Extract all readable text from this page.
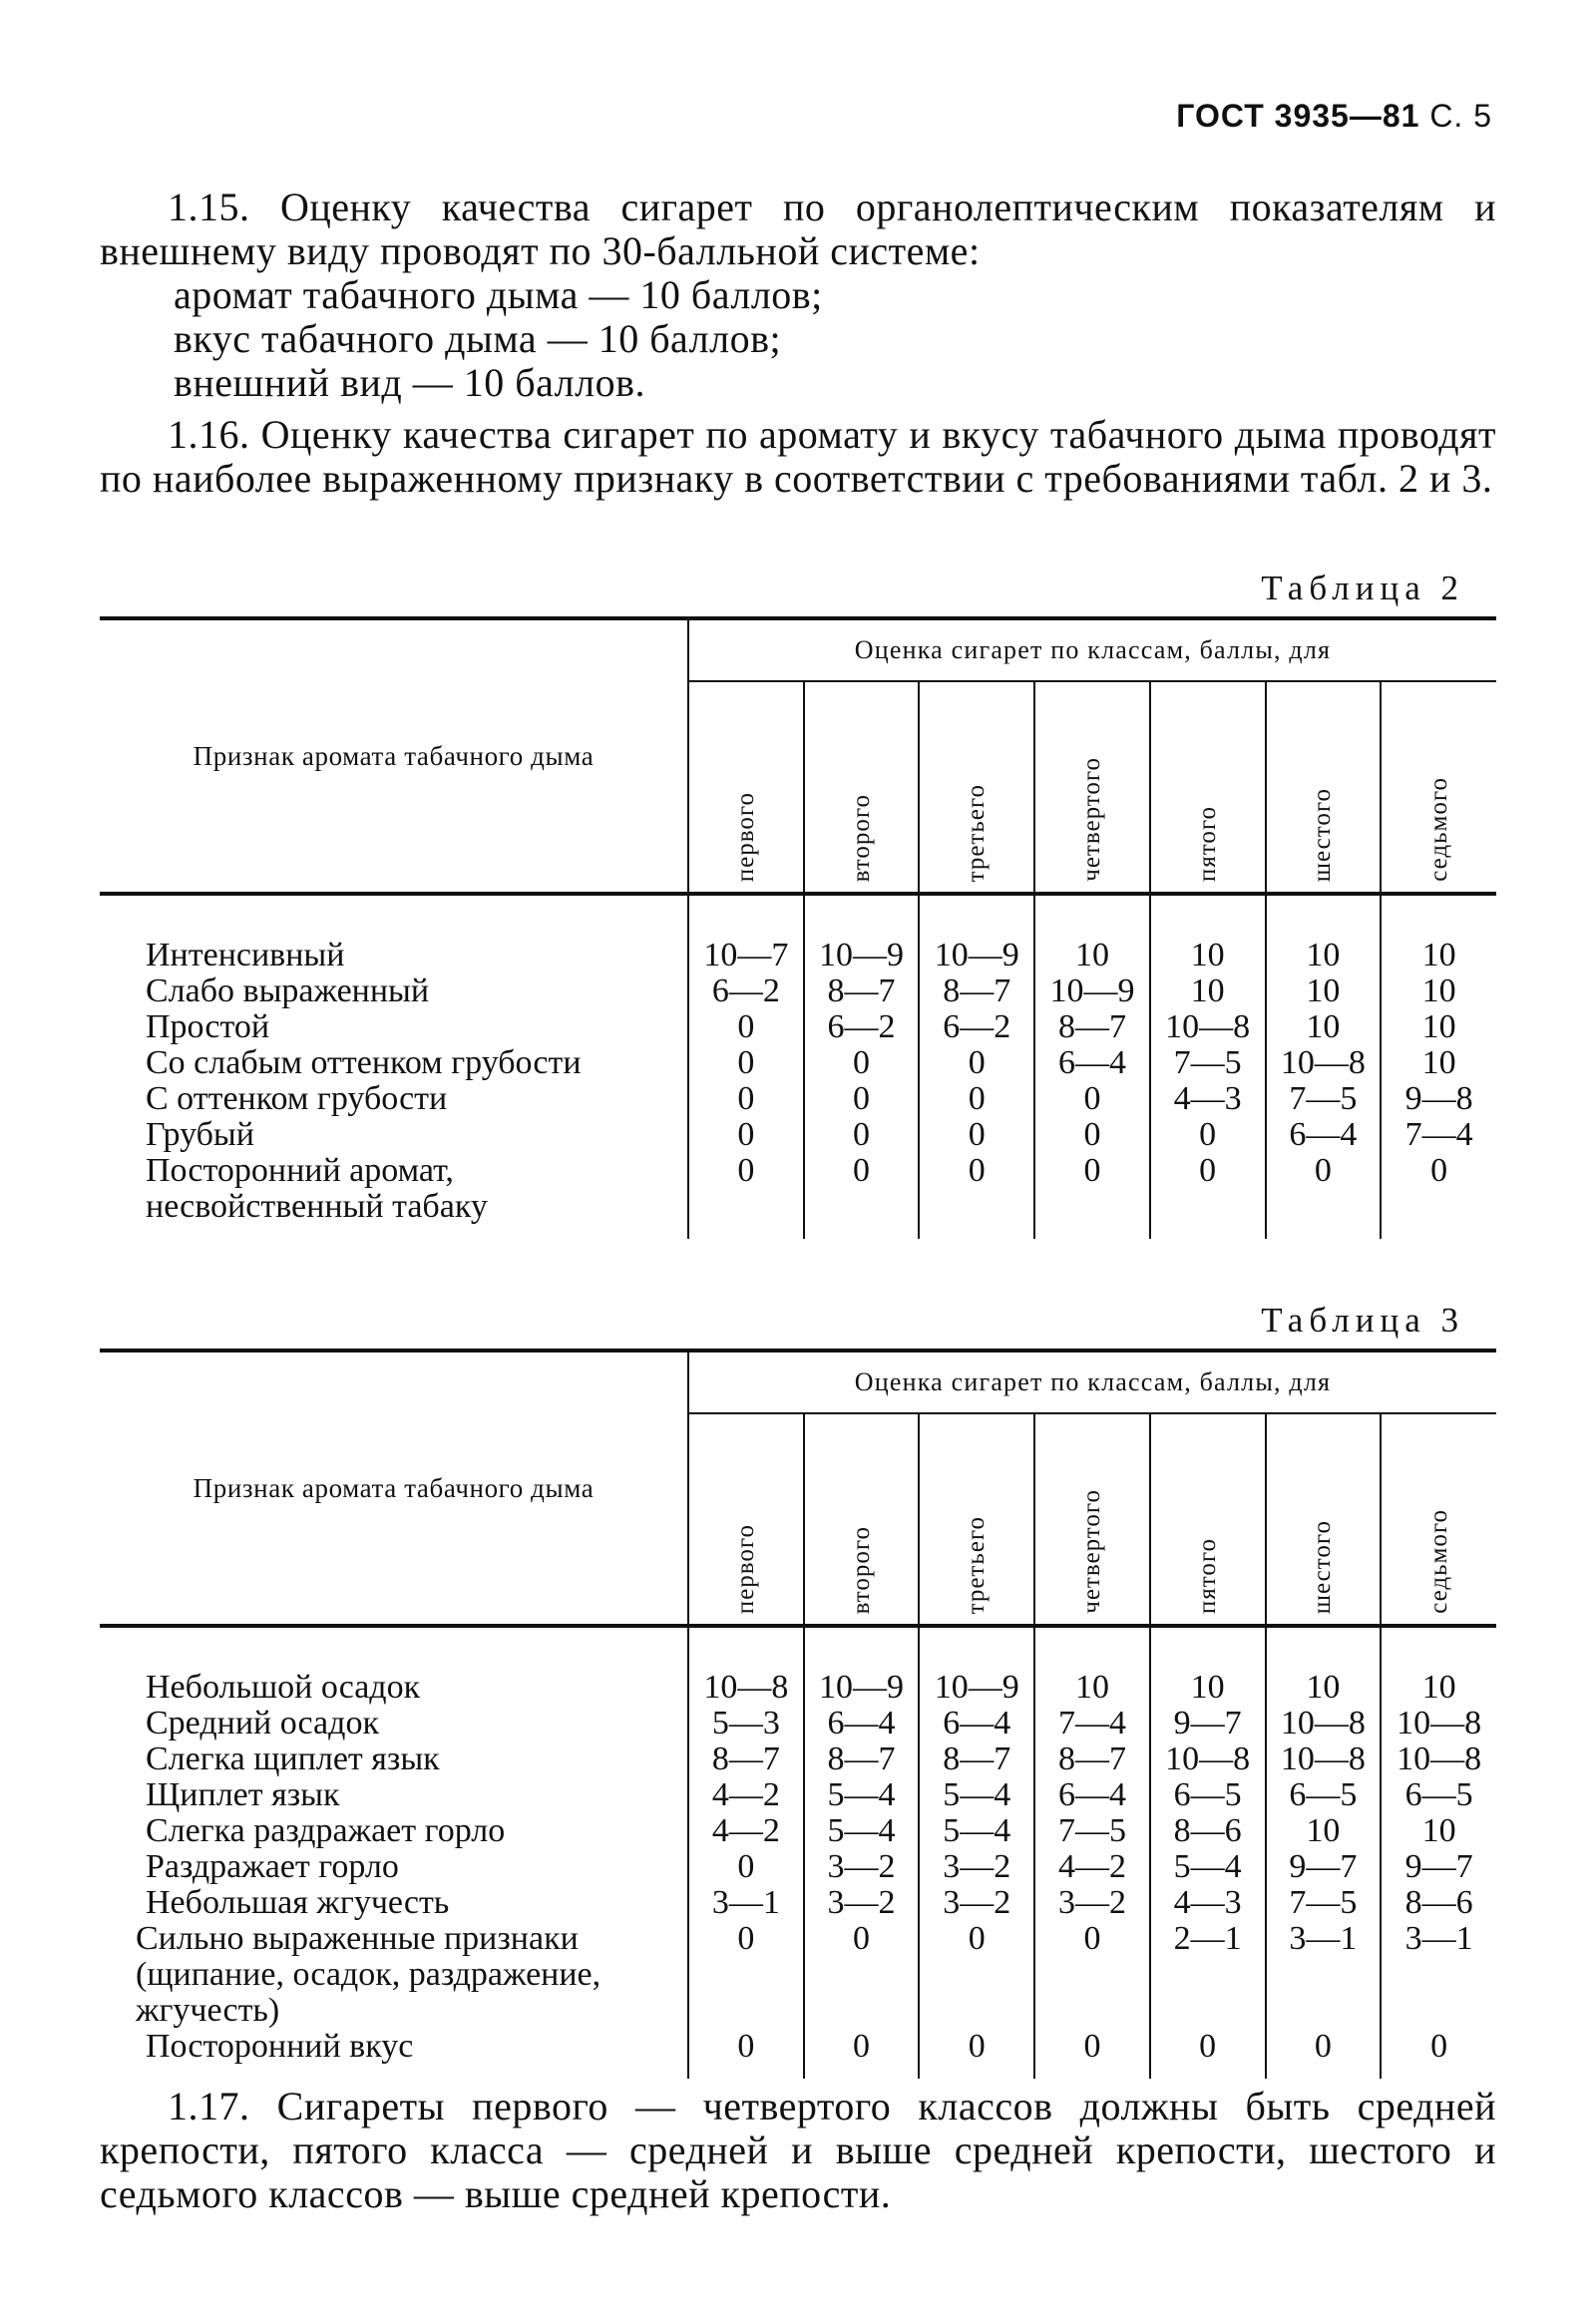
ГОСТ 3935—81 С. 5

1.15. Оценку качества сигарет по органолептическим показателям и внешнему виду проводят по 30-балльной системе:

аромат табачного дыма — 10 баллов;

вкус табачного дыма — 10 баллов;

внешний вид — 10 баллов.

1.16. Оценку качества сигарет по аромату и вкусу табачного дыма проводят по наиболее выраженному признаку в соответствии с требованиями табл. 2 и 3.

Таблица 2
Признак аромата табачного дыма	Оценка сигарет по классам, баллы, для						

	первого	второго	третьего	четвертого	пятого	шестого	седьмого

Интенсивный	10—7	10—9	10—9	10	10	10	10
Слабо выраженный	6—2	8—7	8—7	10—9	10	10	10
Простой	0	6—2	6—2	8—7	10—8	10	10
Со слабым оттенком грубости	0	0	0	6—4	7—5	10—8	10
С оттенком грубости	0	0	0	0	4—3	7—5	9—8
Грубый	0	0	0	0	0	6—4	7—4
Посторонний аромат, несвойственный табаку	0	0	0	0	0	0	0
Таблица 3
Признак аромата табачного дыма	Оценка сигарет по классам, баллы, для						

	первого	второго	третьего	четвертого	пятого	шестого	седьмого

Небольшой осадок	10—8	10—9	10—9	10	10	10	10
Средний осадок	5—3	6—4	6—4	7—4	9—7	10—8	10—8
Слегка щиплет язык	8—7	8—7	8—7	8—7	10—8	10—8	10—8
Щиплет язык	4—2	5—4	5—4	6—4	6—5	6—5	6—5
Слегка раздражает горло	4—2	5—4	5—4	7—5	8—6	10	10
Раздражает горло	0	3—2	3—2	4—2	5—4	9—7	9—7
Небольшая жгучесть	3—1	3—2	3—2	3—2	4—3	7—5	8—6
Сильно выраженные признаки (щипание, осадок, раздражение, жгучесть)	0	0	0	0	2—1	3—1	3—1
Посторонний вкус	0	0	0	0	0	0	0

1.17. Сигареты первого — четвертого классов должны быть средней крепости, пятого класса — средней и выше средней крепости, шестого и седьмого классов — выше средней крепости.
